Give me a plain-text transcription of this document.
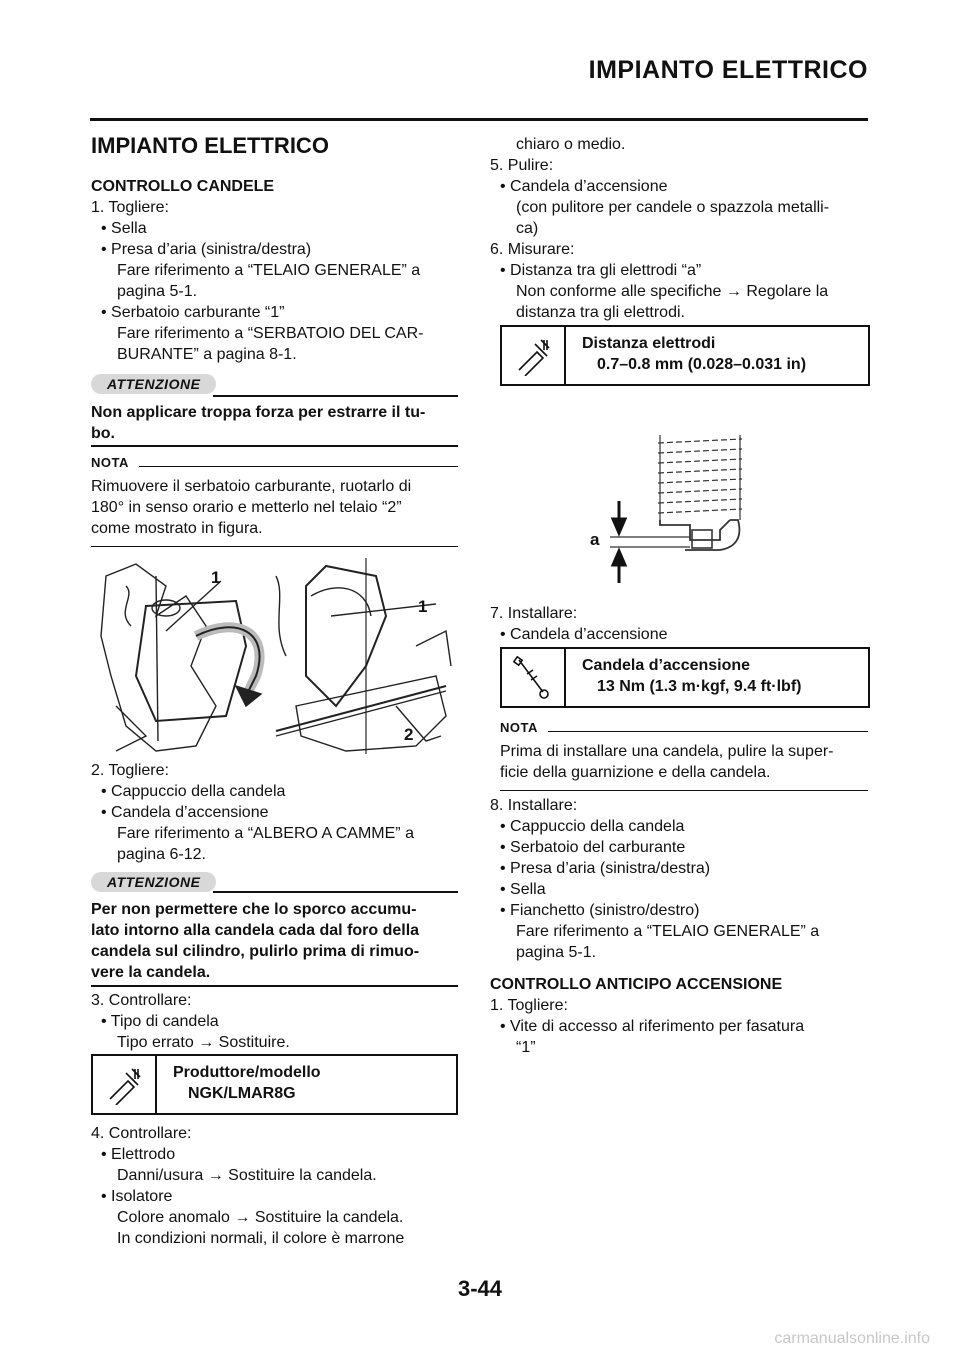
IMPIANTO ELETTRICO
IMPIANTO ELETTRICO
CONTROLLO CANDELE
1. Togliere:
• Sella
• Presa d’aria (sinistra/destra)
Fare riferimento a “TELAIO GENERALE” a
pagina 5-1.
• Serbatoio carburante “1”
Fare riferimento a “SERBATOIO DEL CAR-
BURANTE” a pagina 8-1.
ATTENZIONE
Non applicare troppa forza per estrarre il tu-
bo.
NOTA
Rimuovere il serbatoio carburante, ruotarlo di
180° in senso orario e metterlo nel telaio “2”
come mostrato in figura.
1
1
2
2. Togliere:
• Cappuccio della candela
• Candela d’accensione
Fare riferimento a “ALBERO A CAMME” a
pagina 6-12.
ATTENZIONE
Per non permettere che lo sporco accumu-
lato intorno alla candela cada dal foro della
candela sul cilindro, pulirlo prima di rimuo-
vere la candela.
3. Controllare:
• Tipo di candela
Tipo errato → Sostituire.
Produttore/modello
NGK/LMAR8G
4. Controllare:
• Elettrodo
Danni/usura → Sostituire la candela.
• Isolatore
Colore anomalo → Sostituire la candela.
In condizioni normali, il colore è marrone
chiaro o medio.
5. Pulire:
• Candela d’accensione
(con pulitore per candele o spazzola metalli-
ca)
6. Misurare:
• Distanza tra gli elettrodi “a”
Non conforme alle specifiche → Regolare la
distanza tra gli elettrodi.
Distanza elettrodi
0.7–0.8 mm (0.028–0.031 in)
a
7. Installare:
• Candela d’accensione
Candela d’accensione
13 Nm (1.3 m·kgf, 9.4 ft·lbf)
NOTA
Prima di installare una candela, pulire la super-
ficie della guarnizione e della candela.
8. Installare:
• Cappuccio della candela
• Serbatoio del carburante
• Presa d’aria (sinistra/destra)
• Sella
• Fianchetto (sinistro/destro)
Fare riferimento a “TELAIO GENERALE” a
pagina 5-1.
CONTROLLO ANTICIPO ACCENSIONE
1. Togliere:
• Vite di accesso al riferimento per fasatura
“1”
3-44
carmanualsonline.info
